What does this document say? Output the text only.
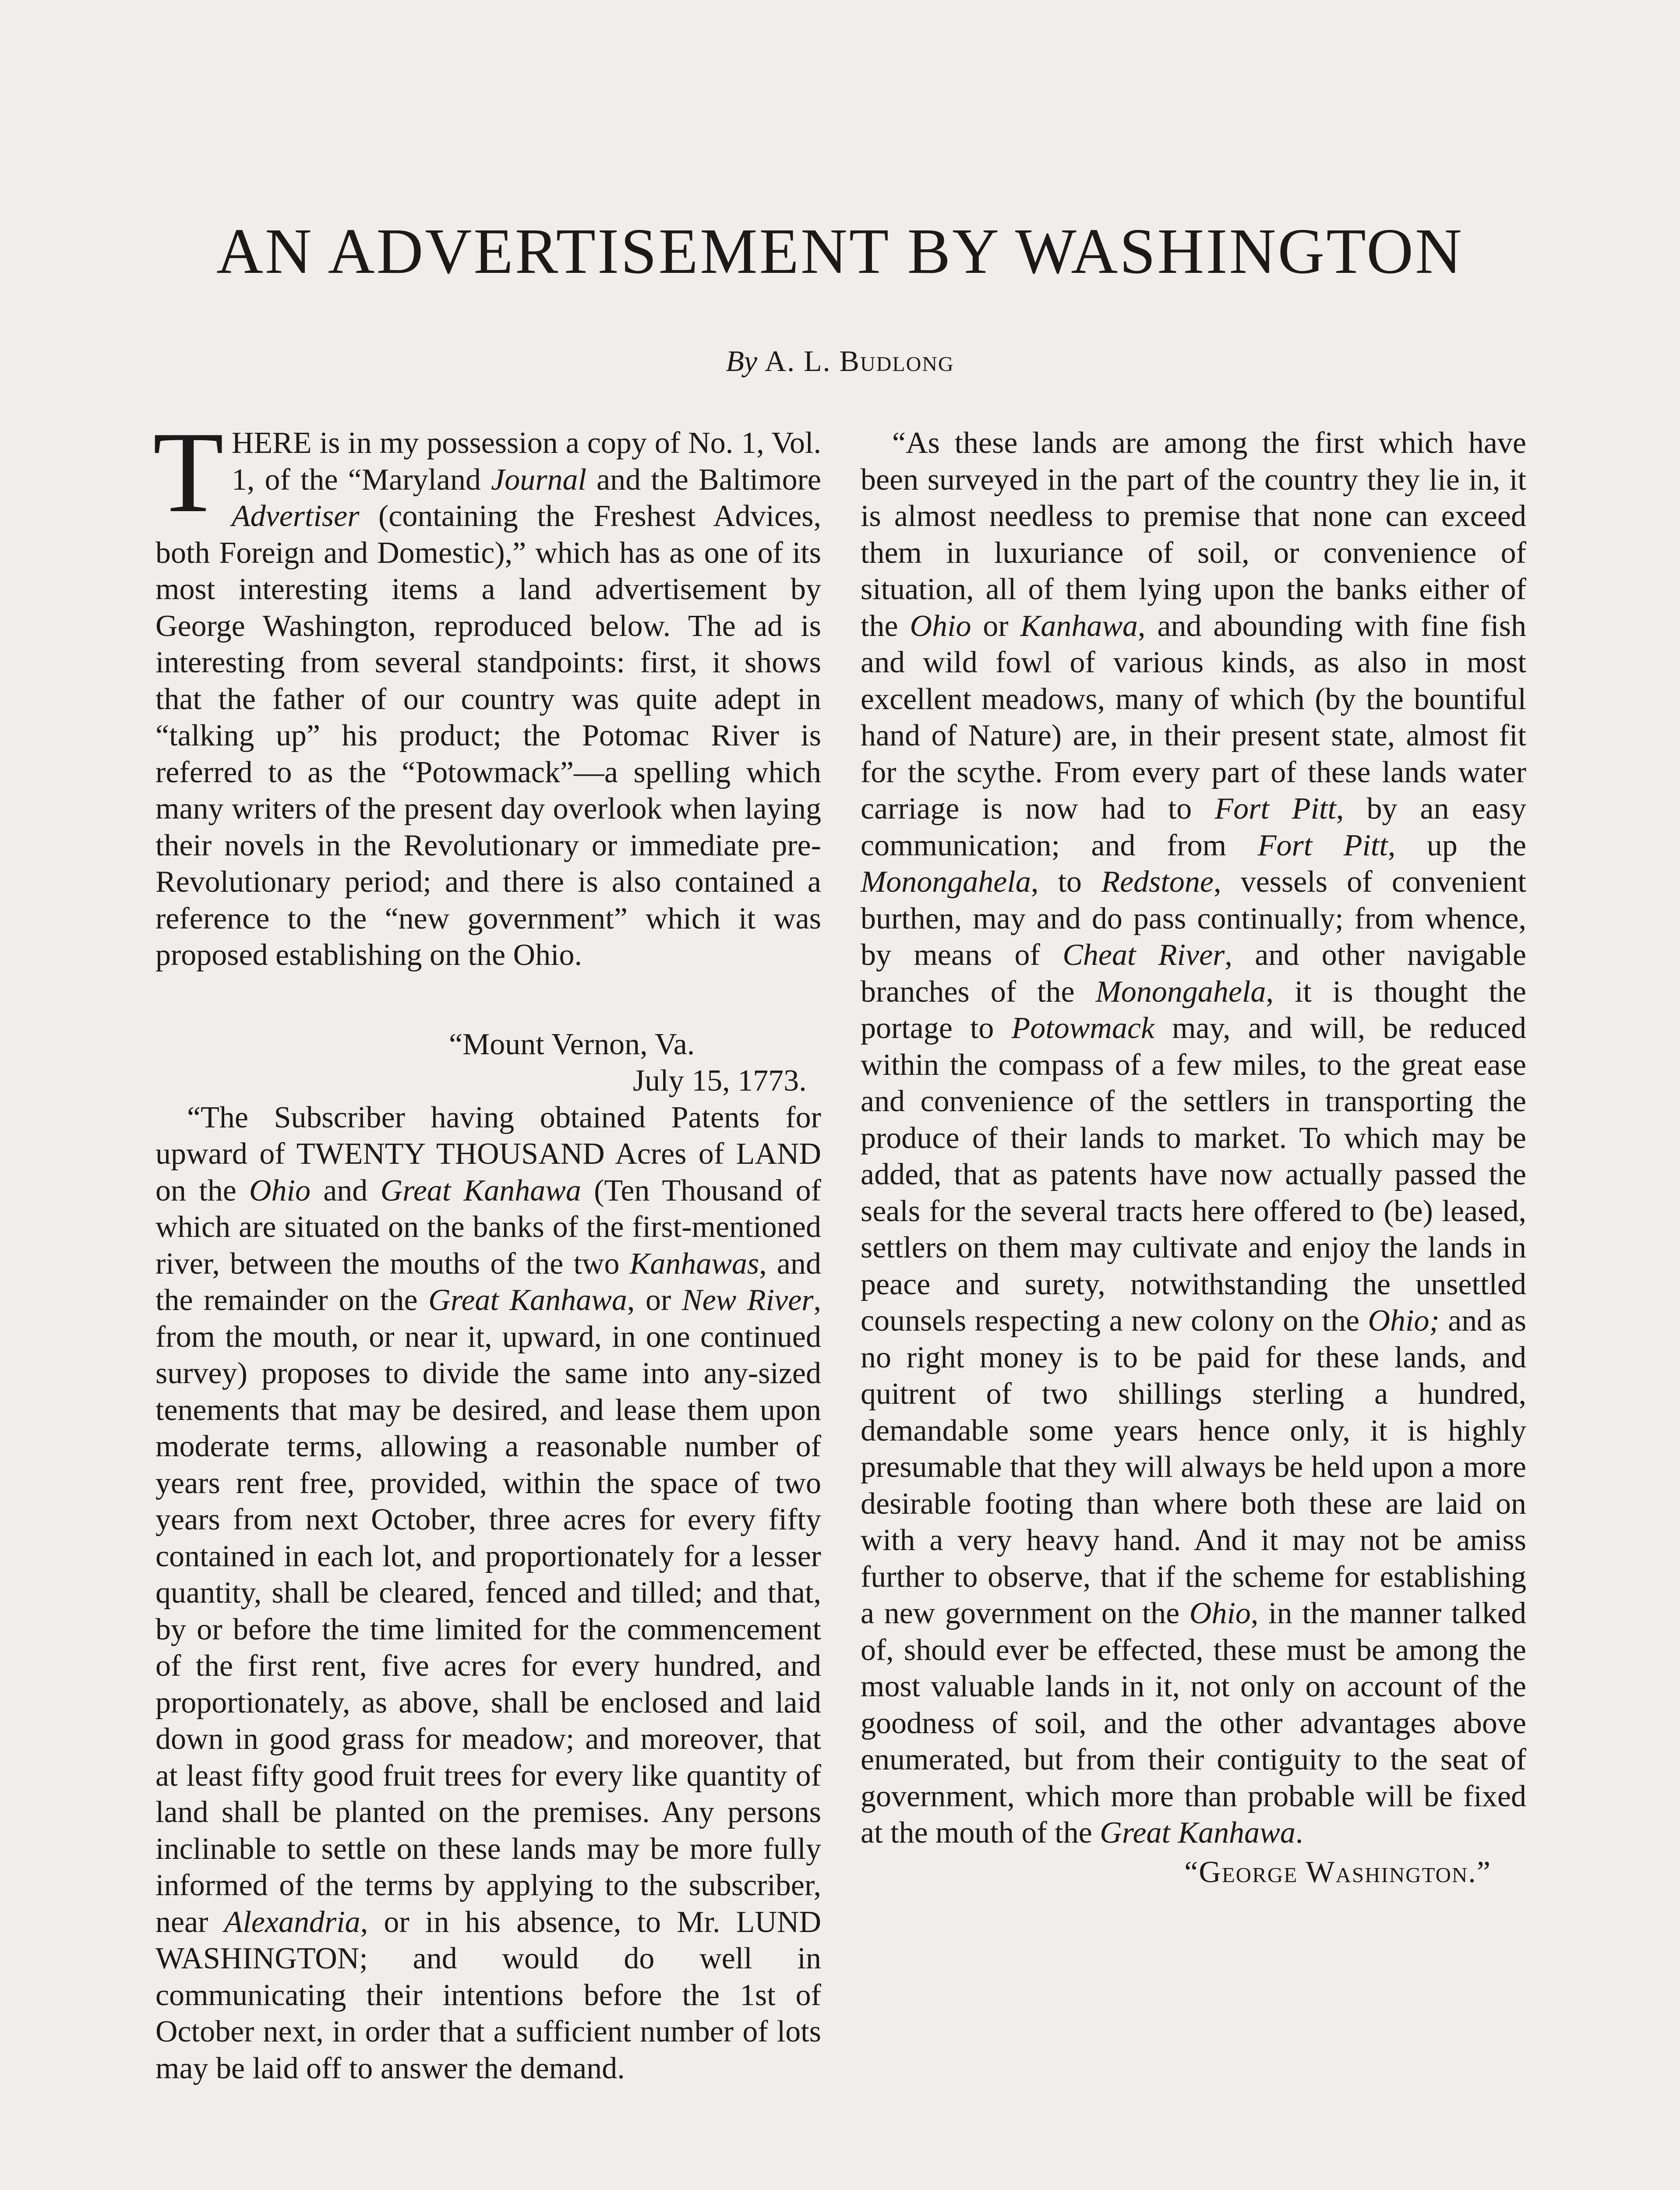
AN ADVERTISEMENT BY WASHINGTON
By A. L. Budlong

THERE is in my possession a copy of No. 1, Vol. 1, of the “Maryland Journal and the Baltimore Advertiser (containing the Freshest Advices, both Foreign and Domestic),” which has as one of its most interesting items a land advertisement by George Washington, reproduced below. The ad is interesting from several standpoints: first, it shows that the father of our country was quite adept in “talking up” his product; the Potomac River is referred to as the “Potowmack”—a spelling which many writers of the present day overlook when laying their novels in the Revolutionary or immediate pre-Revolutionary period; and there is also contained a reference to the “new government” which it was proposed establishing on the Ohio.

“Mount Vernon, Va.
July 15, 1773.

“The Subscriber having obtained Patents for upward of TWENTY THOUSAND Acres of LAND on the Ohio and Great Kanhawa (Ten Thousand of which are situated on the banks of the first-mentioned river, between the mouths of the two Kanhawas, and the remainder on the Great Kanhawa, or New River, from the mouth, or near it, upward, in one continued survey) proposes to divide the same into any-sized tenements that may be desired, and lease them upon moderate terms, allowing a reasonable number of years rent free, provided, within the space of two years from next October, three acres for every fifty contained in each lot, and proportionately for a lesser quantity, shall be cleared, fenced and tilled; and that, by or before the time limited for the commencement of the first rent, five acres for every hundred, and proportionately, as above, shall be enclosed and laid down in good grass for meadow; and moreover, that at least fifty good fruit trees for every like quantity of land shall be planted on the premises. Any persons inclinable to settle on these lands may be more fully informed of the terms by applying to the subscriber, near Alexandria, or in his absence, to Mr. LUND WASHINGTON; and would do well in communicating their intentions before the 1st of October next, in order that a sufficient number of lots may be laid off to answer the demand.

“As these lands are among the first which have been surveyed in the part of the country they lie in, it is almost needless to premise that none can exceed them in luxuriance of soil, or convenience of situation, all of them lying upon the banks either of the Ohio or Kanhawa, and abounding with fine fish and wild fowl of various kinds, as also in most excellent meadows, many of which (by the bountiful hand of Nature) are, in their present state, almost fit for the scythe. From every part of these lands water carriage is now had to Fort Pitt, by an easy communication; and from Fort Pitt, up the Monongahela, to Redstone, vessels of convenient burthen, may and do pass continually; from whence, by means of Cheat River, and other navigable branches of the Monongahela, it is thought the portage to Potowmack may, and will, be reduced within the compass of a few miles, to the great ease and convenience of the settlers in transporting the produce of their lands to market. To which may be added, that as patents have now actually passed the seals for the several tracts here offered to (be) leased, settlers on them may cultivate and enjoy the lands in peace and surety, notwithstanding the unsettled counsels respecting a new colony on the Ohio; and as no right money is to be paid for these lands, and quitrent of two shillings sterling a hundred, demandable some years hence only, it is highly presumable that they will always be held upon a more desirable footing than where both these are laid on with a very heavy hand. And it may not be amiss further to observe, that if the scheme for establishing a new government on the Ohio, in the manner talked of, should ever be effected, these must be among the most valuable lands in it, not only on account of the goodness of soil, and the other advantages above enumerated, but from their contiguity to the seat of government, which more than probable will be fixed at the mouth of the Great Kanhawa.

“George Washington.”
